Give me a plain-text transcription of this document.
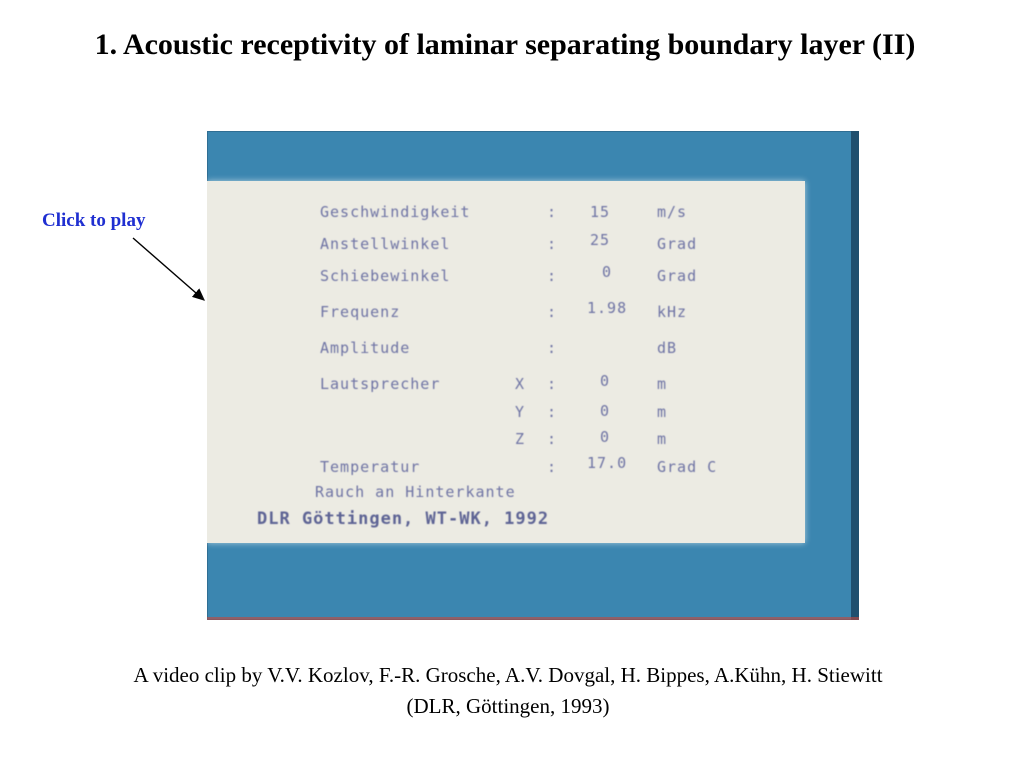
1. Acoustic receptivity of laminar separating boundary layer (II)
Click to play	Geschwindigkeit	: 15	m/s
Anstellwinkel	: 25	Grad
Schiebewinkel	:	0	Grad
Frequenz	: 1.98 kHz
Amplitude	:	dB
Lautsprecher	X :	0	m
Y :	0	m
Z :	0	m
Temperatur	: 17.0 Grad C
Rauch an Hinterkante
DLR Göttingen, WT-WK, 1992
A video clip by V.V. Kozlov, F.-R. Grosche, A.V. Dovgal, H. Bippes, A.Kühn, H. Stiewitt
(DLR, Göttingen, 1993)
